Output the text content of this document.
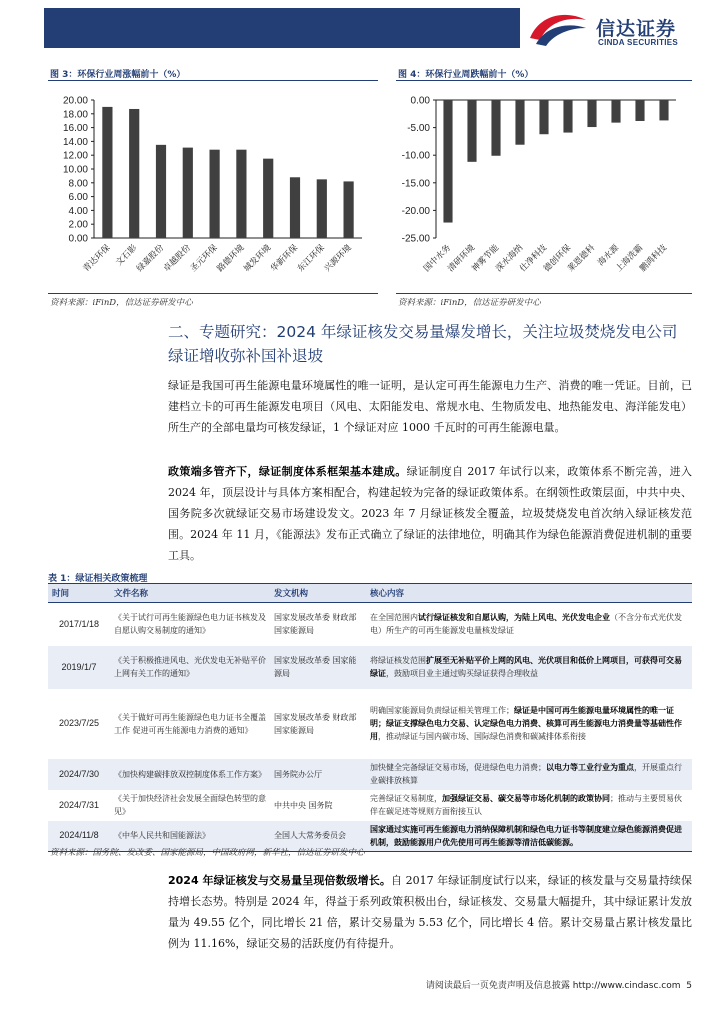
信达证券
CINDA SECURITIES
图 3：环保行业周涨幅前十（%）
0.00
2.00
4.00
6.00
8.00
10.00
12.00
14.00
16.00
18.00
20.00
青达环保 文石影
绿嘉股份
卓越股份
圣元环保
路德环境
城发环境
华新环保
东江环保
兴源环境
资料来源：iFinD，信达证券研发中心
图 4：环保行业周跌幅前十（%）
0.00
-5.00
-10.00
-15.00
-20.00
-25.00
国中水务
清研环境
神雾节能
深水海纳
仕净科技
德创环保
莱恩德科
海水源
上海洗霸
鹏鸿科技
资料来源：iFinD，信达证券研发中心
二、专题研究：2024 年绿证核发交易量爆发增长，关注垃圾焚烧发电公司绿证增收弥补国补退坡
绿证是我国可再生能源电量环境属性的唯一证明，是认定可再生能源电力生产、消费的唯一凭证。目前，已建档立卡的可再生能源发电项目（风电、太阳能发电、常规水电、生物质发电、地热能发电、海洋能发电）所生产的全部电量均可核发绿证，1 个绿证对应 1000 千瓦时的可再生能源电量。
政策端多管齐下，绿证制度体系框架基本建成。绿证制度自 2017 年试行以来，政策体系不断完善，进入 2024 年，顶层设计与具体方案相配合，构建起较为完备的绿证政策体系。在纲领性政策层面，中共中央、国务院多次就绿证交易市场建设发文。2023 年 7 月绿证核发全覆盖，垃圾焚烧发电首次纳入绿证核发范围。2024 年 11 月，《能源法》发布正式确立了绿证的法律地位，明确其作为绿色能源消费促进机制的重要工具。
表 1：绿证相关政策梳理
时间	文件名称	发文机构	核心内容
2017/1/18	《关于试行可再生能源绿色电力证书核发及自愿认购交易制度的通知》	国家发展改革委 财政部 国家能源局	在全国范围内试行绿证核发和自愿认购，为陆上风电、光伏发电企业（不含分布式光伏发电）所生产的可再生能源发电量核发绿证
2019/1/7	《关于积极推进风电、光伏发电无补贴平价上网有关工作的通知》	国家发展改革委 国家能源局	将绿证核发范围扩展至无补贴平价上网的风电、光伏项目和低价上网项目，可获得可交易绿证，鼓励项目业主通过购买绿证获得合理收益
2023/7/25	《关于做好可再生能源绿色电力证书全覆盖工作 促进可再生能源电力消费的通知》	国家发展改革委 财政部 国家能源局	明确国家能源局负责绿证相关管理工作；绿证是中国可再生能源电量环境属性的唯一证明；绿证支撑绿色电力交易、认定绿色电力消费、核算可再生能源电力消费量等基础性作用，推动绿证与国内碳市场、国际绿色消费和碳减排体系衔接
2024/7/30	《加快构建碳排放双控制度体系工作方案》	国务院办公厅	加快健全完备绿证交易市场，促进绿色电力消费；以电力等工业行业为重点，开展重点行业碳排放核算
2024/7/31	《关于加快经济社会发展全面绿色转型的意见》	中共中央 国务院	完善绿证交易制度，加强绿证交易、碳交易等市场化机制的政策协同；推动与主要贸易伙伴在碳足迹等规则方面衔接互认
2024/11/8	《中华人民共和国能源法》	全国人大常务委员会	国家通过实施可再生能源电力消纳保障机制和绿色电力证书等制度建立绿色能源消费促进机制，鼓励能源用户优先使用可再生能源等清洁低碳能源。
资料来源：国务院、发改委、国家能源局，中国政府网，新华社，信达证券研发中心
2024 年绿证核发与交易量呈现倍数级增长。自 2017 年绿证制度试行以来，绿证的核发量与交易量持续保持增长态势。特别是 2024 年，得益于系列政策积极出台，绿证核发、交易量大幅提升，其中绿证累计发放量为 49.55 亿个，同比增长 21 倍，累计交易量为 5.53 亿个，同比增长 4 倍。累计交易量占累计核发量比例为 11.16%，绿证交易的活跃度仍有待提升。
请阅读最后一页免责声明及信息披露 http://www.cindasc.com 5
